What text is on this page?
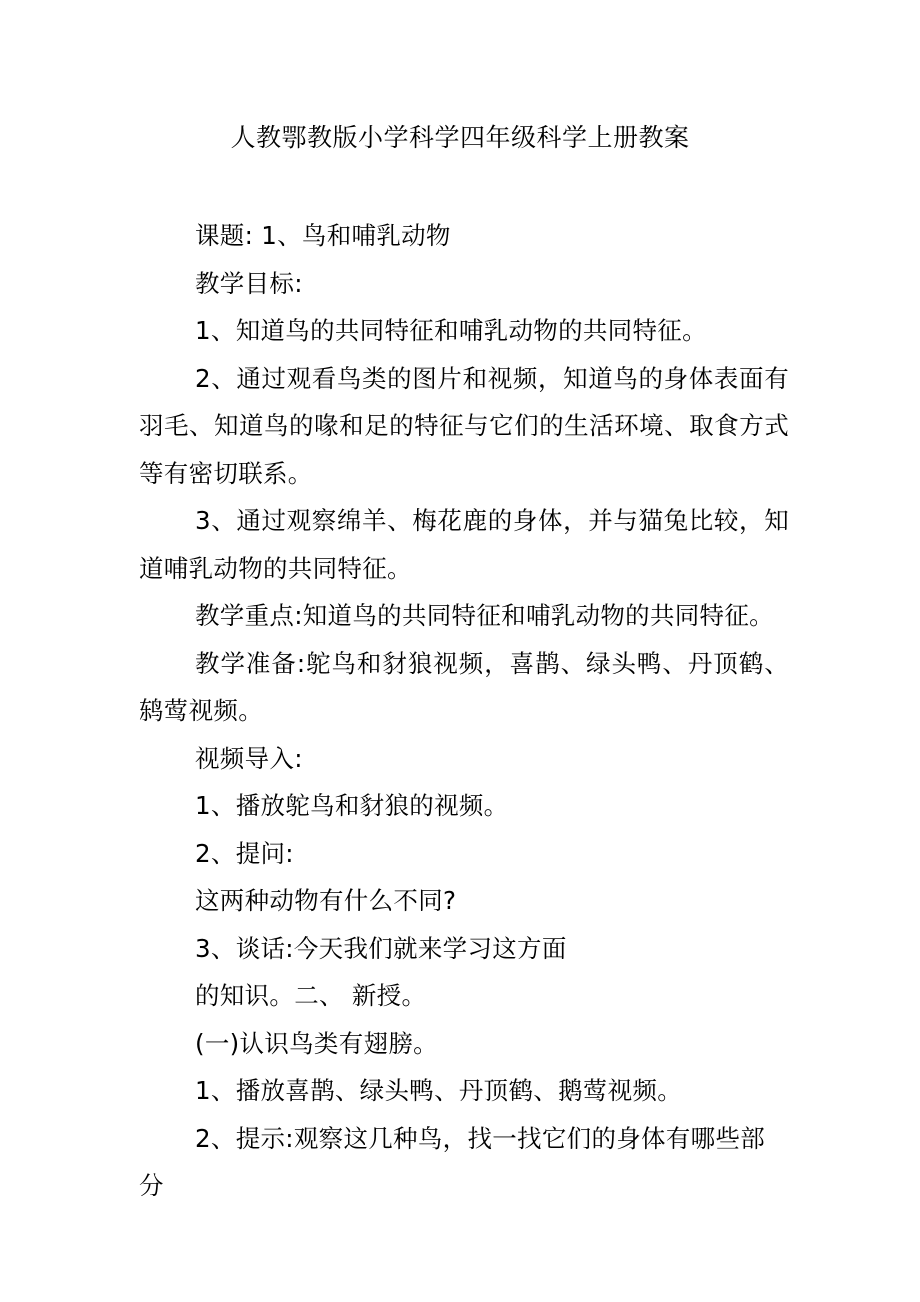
人教鄂教版小学科学四年级科学上册教案

课题: 1、鸟和哺乳动物

教学目标:

1、知道鸟的共同特征和哺乳动物的共同特征。

2、通过观看鸟类的图片和视频，知道鸟的身体表面有羽毛、知道鸟的喙和足的特征与它们的生活环境、取食方式等有密切联系。

3、通过观察绵羊、梅花鹿的身体，并与猫兔比较，知道哺乳动物的共同特征。

教学重点:知道鸟的共同特征和哺乳动物的共同特征。

教学准备:鸵鸟和豺狼视频，喜鹊、绿头鸭、丹顶鹤、鸫莺视频。

视频导入:

1、播放鸵鸟和豺狼的视频。

2、提问:

这两种动物有什么不同?

3、谈话:今天我们就来学习这方面

的知识。二、 新授。

(一)认识鸟类有翅膀。

1、播放喜鹊、绿头鸭、丹顶鹤、鹅莺视频。

2、提示:观察这几种鸟，找一找它们的身体有哪些部分
